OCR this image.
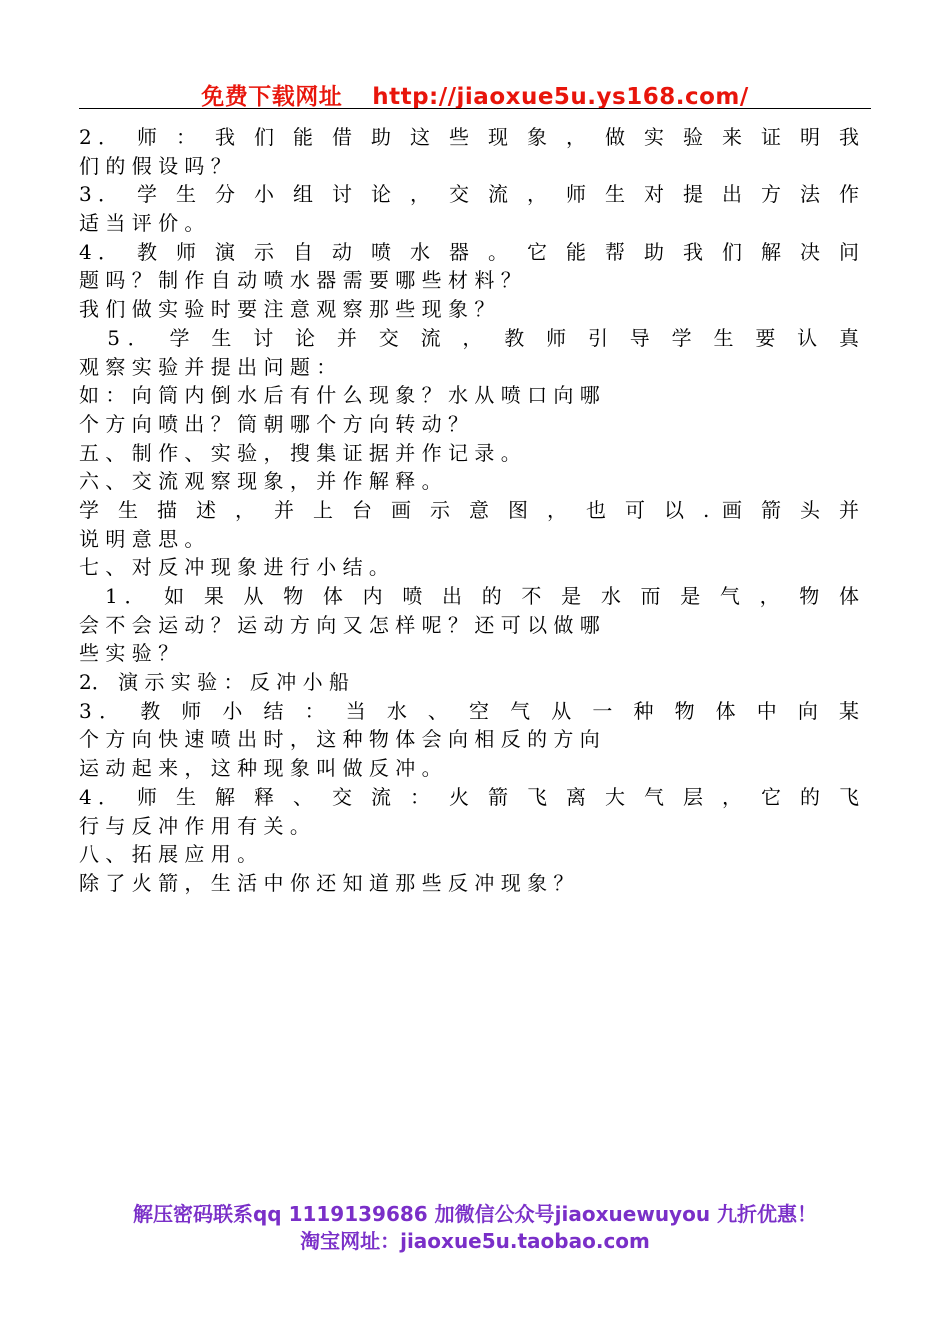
免费下载网址 http://jiaoxue5u.ys168.com/
2． 师 ： 我 们 能 借 助 这 些 现 象 ， 做 实 验 来 证 明 我
们 的 假 设 吗 ？
3． 学 生 分 小 组 讨 论 ， 交 流 ， 师 生 对 提 出 方 法 作
适 当 评 价 。
4． 教 师 演 示 自 动 喷 水 器 。 它 能 帮 助 我 们 解 决 问
题 吗 ？ 制 作 自 动 喷 水 器 需 要 哪 些 材 料 ？
我 们 做 实 验 时 要 注 意 观 察 那 些 现 象 ？
5． 学 生 讨 论 并 交 流 ， 教 师 引 导 学 生 要 认 真
观 察 实 验 并 提 出 问 题 ：
如 ： 向 筒 内 倒 水 后 有 什 么 现 象 ？ 水 从 喷 口 向 哪
个 方 向 喷 出 ？ 筒 朝 哪 个 方 向 转 动 ？
五 、 制 作 、 实 验 ， 搜 集 证 据 并 作 记 录 。
六 、 交 流 观 察 现 象 ， 并 作 解 释 。
学 生 描 述 ， 并 上 台 画 示 意 图 ， 也 可 以 . 画 箭 头 并
说 明 意 思 。
七 、 对 反 冲 现 象 进 行 小 结 。
1． 如 果 从 物 体 内 喷 出 的 不 是 水 而 是 气 ， 物 体
会 不 会 运 动 ？ 运 动 方 向 又 怎 样 呢 ？ 还 可 以 做 哪
些 实 验 ？
2． 演 示 实 验 ： 反 冲 小 船
3． 教 师 小 结 ： 当 水 、 空 气 从 一 种 物 体 中 向 某
个 方 向 快 速 喷 出 时 ， 这 种 物 体 会 向 相 反 的 方 向
运 动 起 来 ， 这 种 现 象 叫 做 反 冲 。
4． 师 生 解 释 、 交 流 ： 火 箭 飞 离 大 气 层 ， 它 的 飞
行 与 反 冲 作 用 有 关 。
八 、 拓 展 应 用 。
除 了 火 箭 ， 生 活 中 你 还 知 道 那 些 反 冲 现 象 ？
解压密码联系qq 1119139686 加微信公众号jiaoxuewuyou 九折优惠！
淘宝网址：jiaoxue5u.taobao.com
